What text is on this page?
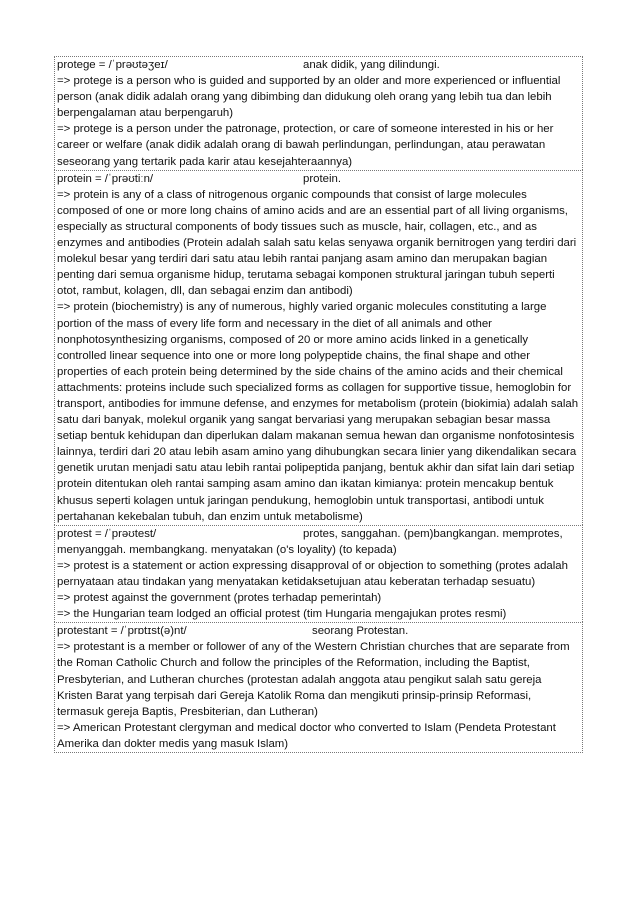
protege = /ˈprəʊtəʒeɪ/	anak didik, yang dilindungi.

=> protege is a person who is guided and supported by an older and more experienced or influential person (anak didik adalah orang yang dibimbing dan didukung oleh orang yang lebih tua dan lebih berpengalaman atau berpengaruh)

=> protege is a person under the patronage, protection, or care of someone interested in his or her career or welfare (anak didik adalah orang di bawah perlindungan, perlindungan, atau perawatan seseorang yang tertarik pada karir atau kesejahteraannya)

protein = /ˈprəʊtiːn/	protein.

=> protein is any of a class of nitrogenous organic compounds that consist of large molecules composed of one or more long chains of amino acids and are an essential part of all living organisms, especially as structural components of body tissues such as muscle, hair, collagen, etc., and as enzymes and antibodies (Protein adalah salah satu kelas senyawa organik bernitrogen yang terdiri dari molekul besar yang terdiri dari satu atau lebih rantai panjang asam amino dan merupakan bagian penting dari semua organisme hidup, terutama sebagai komponen struktural jaringan tubuh seperti otot, rambut, kolagen, dll, dan sebagai enzim dan antibodi)

=> protein (biochemistry) is any of numerous, highly varied organic molecules constituting a large portion of the mass of every life form and necessary in the diet of all animals and other nonphotosynthesizing organisms, composed of 20 or more amino acids linked in a genetically controlled linear sequence into one or more long polypeptide chains, the final shape and other properties of each protein being determined by the side chains of the amino acids and their chemical attachments: proteins include such specialized forms as collagen for supportive tissue, hemoglobin for transport, antibodies for immune defense, and enzymes for metabolism (protein (biokimia) adalah salah satu dari banyak, molekul organik yang sangat bervariasi yang merupakan sebagian besar massa setiap bentuk kehidupan dan diperlukan dalam makanan semua hewan dan organisme nonfotosintesis lainnya, terdiri dari 20 atau lebih asam amino yang dihubungkan secara linier yang dikendalikan secara genetik urutan menjadi satu atau lebih rantai polipeptida panjang, bentuk akhir dan sifat lain dari setiap protein ditentukan oleh rantai samping asam amino dan ikatan kimianya: protein mencakup bentuk khusus seperti kolagen untuk jaringan pendukung, hemoglobin untuk transportasi, antibodi untuk pertahanan kekebalan tubuh, dan enzim untuk metabolisme)

protest = /ˈprəʊtest/	protes, sanggahan. (pem)bangkangan. memprotes, menyanggah. membangkang. menyatakan (o's loyality) (to kepada)

=> protest is a statement or action expressing disapproval of or objection to something (protes adalah pernyataan atau tindakan yang menyatakan ketidaksetujuan atau keberatan terhadap sesuatu)

=> protest against the government (protes terhadap pemerintah)

=> the Hungarian team lodged an official protest (tim Hungaria mengajukan protes resmi)

protestant = /ˈprɒtɪst(ə)nt/	seorang Protestan.

=> protestant is a member or follower of any of the Western Christian churches that are separate from the Roman Catholic Church and follow the principles of the Reformation, including the Baptist, Presbyterian, and Lutheran churches (protestan adalah anggota atau pengikut salah satu gereja Kristen Barat yang terpisah dari Gereja Katolik Roma dan mengikuti prinsip-prinsip Reformasi, termasuk gereja Baptis, Presbiterian, dan Lutheran)

=> American Protestant clergyman and medical doctor who converted to Islam (Pendeta Protestant Amerika dan dokter medis yang masuk Islam)
